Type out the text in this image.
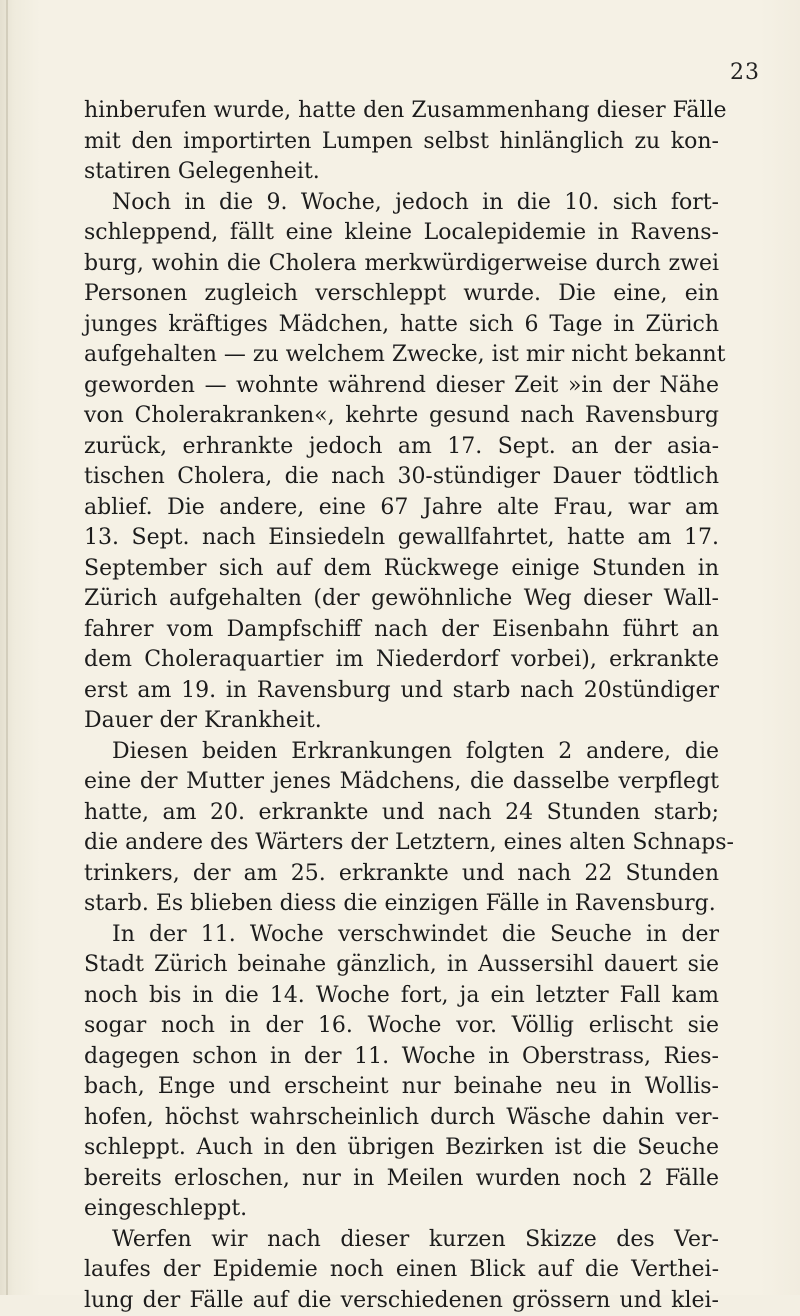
23
hinberufen wurde, hatte den Zusammenhang dieser Fälle
mit den importirten Lumpen selbst hinlänglich zu kon-
statiren Gelegenheit.
Noch in die 9. Woche, jedoch in die 10. sich fort-
schleppend, fällt eine kleine Localepidemie in Ravens-
burg, wohin die Cholera merkwürdigerweise durch zwei
Personen zugleich verschleppt wurde. Die eine, ein
junges kräftiges Mädchen, hatte sich 6 Tage in Zürich
aufgehalten — zu welchem Zwecke, ist mir nicht bekannt
geworden — wohnte während dieser Zeit »in der Nähe
von Cholerakranken«, kehrte gesund nach Ravensburg
zurück, erhrankte jedoch am 17. Sept. an der asia-
tischen Cholera, die nach 30-stündiger Dauer tödtlich
ablief. Die andere, eine 67 Jahre alte Frau, war am
13. Sept. nach Einsiedeln gewallfahrtet, hatte am 17.
September sich auf dem Rückwege einige Stunden in
Zürich aufgehalten (der gewöhnliche Weg dieser Wall-
fahrer vom Dampfschiff nach der Eisenbahn führt an
dem Choleraquartier im Niederdorf vorbei), erkrankte
erst am 19. in Ravensburg und starb nach 20stündiger
Dauer der Krankheit.
Diesen beiden Erkrankungen folgten 2 andere, die
eine der Mutter jenes Mädchens, die dasselbe verpflegt
hatte, am 20. erkrankte und nach 24 Stunden starb;
die andere des Wärters der Letztern, eines alten Schnaps-
trinkers, der am 25. erkrankte und nach 22 Stunden
starb. Es blieben diess die einzigen Fälle in Ravensburg.
In der 11. Woche verschwindet die Seuche in der
Stadt Zürich beinahe gänzlich, in Aussersihl dauert sie
noch bis in die 14. Woche fort, ja ein letzter Fall kam
sogar noch in der 16. Woche vor. Völlig erlischt sie
dagegen schon in der 11. Woche in Oberstrass, Ries-
bach, Enge und erscheint nur beinahe neu in Wollis-
hofen, höchst wahrscheinlich durch Wäsche dahin ver-
schleppt. Auch in den übrigen Bezirken ist die Seuche
bereits erloschen, nur in Meilen wurden noch 2 Fälle
eingeschleppt.
Werfen wir nach dieser kurzen Skizze des Ver-
laufes der Epidemie noch einen Blick auf die Verthei-
lung der Fälle auf die verschiedenen grössern und klei-
